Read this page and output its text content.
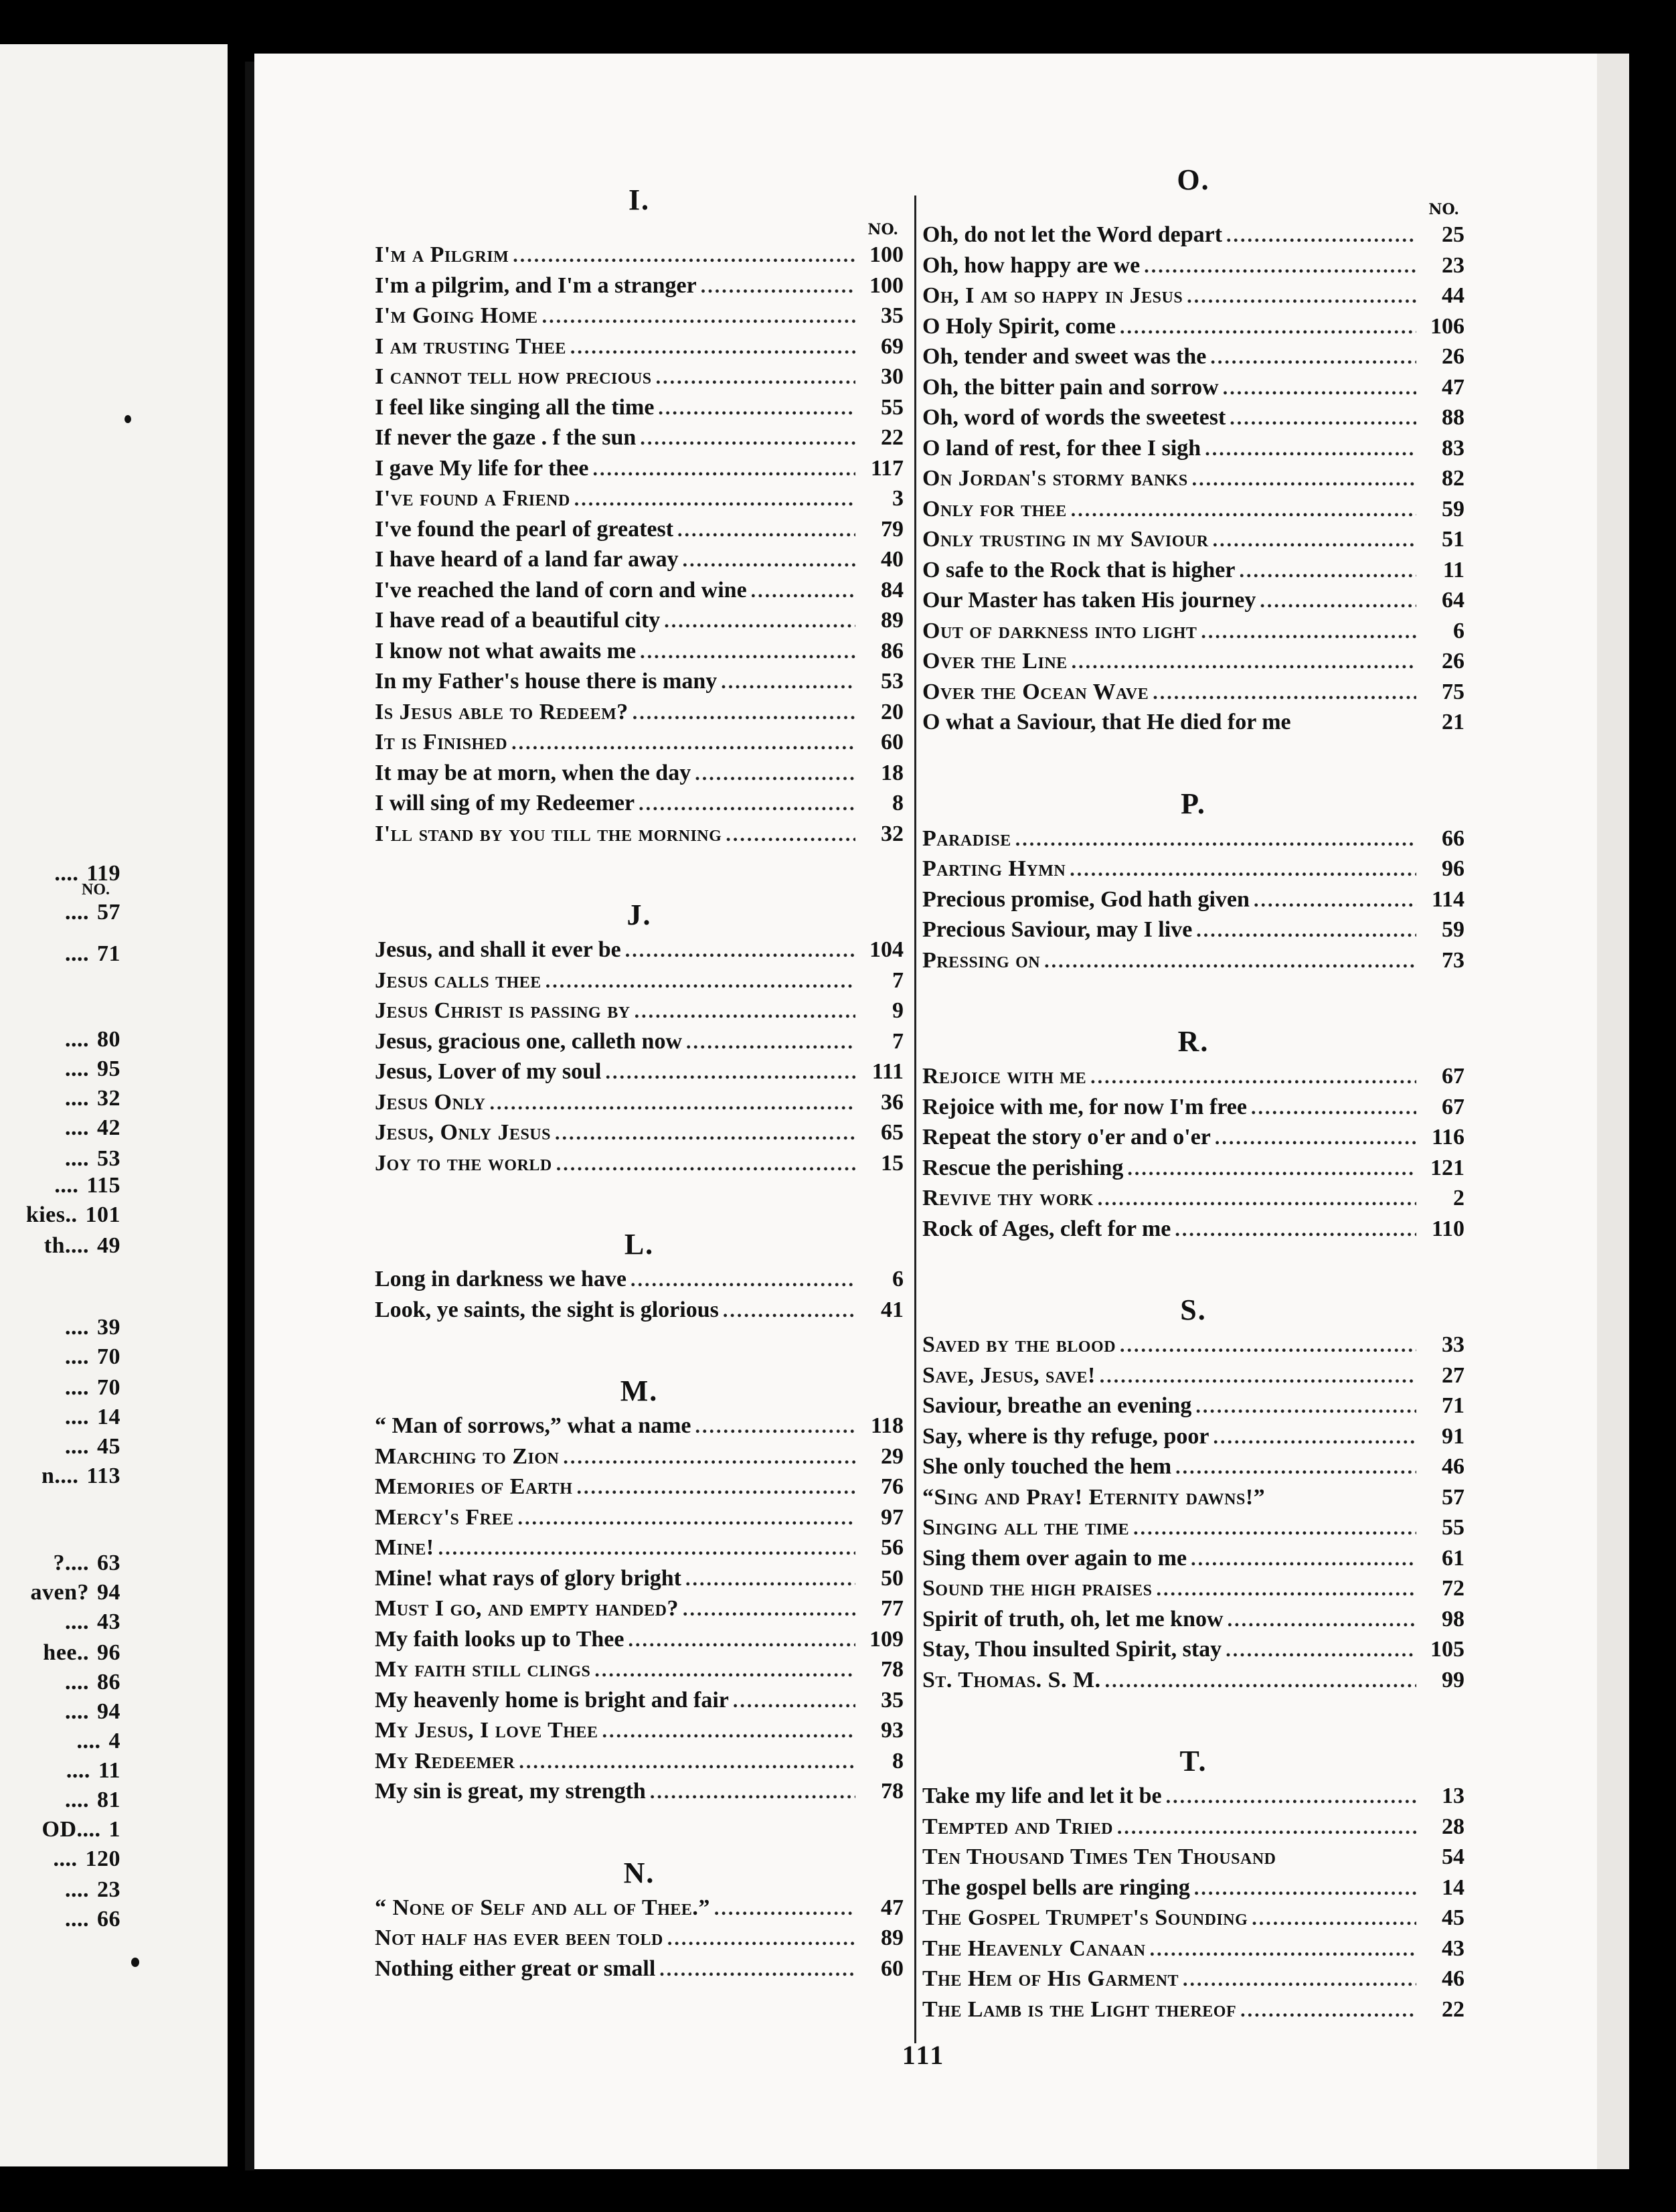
NO.
.... 119
.... 57
.... 71
.... 80
.... 95
.... 32
.... 42
.... 53
.... 115
kies.. 101
th.... 49
.... 39
.... 70
.... 70
.... 14
.... 45
n.... 113
?.... 63
aven? 94
.... 43
hee.. 96
.... 86
.... 94
.... 4
.... 11
.... 81
OD.... 1
.... 120
.... 23
.... 66
I.
NO.
I'm a Pilgrim .....	100
I'm a pilgrim, and I'm a stranger .....	100
I'm Going Home .....	35
I am trusting Thee .....	69
I cannot tell how precious .....	30
I feel like singing all the time .....	55
If never the gaze . f the sun .....	22
I gave My life for thee .....	117
I've found a Friend .....	3
I've found the pearl of greatest .....	79
I have heard of a land far away .....	40
I've reached the land of corn and wine .....	84
I have read of a beautiful city .....	89
I know not what awaits me .....	86
In my Father's house there is many .....	53
Is Jesus able to Redeem? .....	20
It is Finished .....	60
It may be at morn, when the day .....	18
I will sing of my Redeemer .....	8
I'll stand by you till the morning .....	32
J.
Jesus, and shall it ever be .....	104
Jesus calls thee .....	7
Jesus Christ is passing by .....	9
Jesus, gracious one, calleth now .....	7
Jesus, Lover of my soul .....	111
Jesus Only .....	36
Jesus, Only Jesus .....	65
Joy to the world .....	15
L.
Long in darkness we have .....	6
Look, ye saints, the sight is glorious .....	41
M.
“ Man of sorrows,” what a name .....	118
Marching to Zion .....	29
Memories of Earth .....	76
Mercy's Free .....	97
Mine! .....	56
Mine! what rays of glory bright .....	50
Must I go, and empty handed? .....	77
My faith looks up to Thee .....	109
My faith still clings .....	78
My heavenly home is bright and fair .....	35
My Jesus, I love Thee .....	93
My Redeemer .....	8
My sin is great, my strength .....	78
N.
“ None of Self and all of Thee.” .....	47
Not half has ever been told .....	89
Nothing either great or small .....	60
O.
NO.
Oh, do not let the Word depart .....	25
Oh, how happy are we .....	23
Oh, I am so happy in Jesus .....	44
O Holy Spirit, come .....	106
Oh, tender and sweet was the .....	26
Oh, the bitter pain and sorrow .....	47
Oh, word of words the sweetest .....	88
O land of rest, for thee I sigh .....	83
On Jordan's stormy banks .....	82
Only for thee .....	59
Only trusting in my Saviour .....	51
O safe to the Rock that is higher .....	11
Our Master has taken His journey .....	64
Out of darkness into light .....	6
Over the Line .....	26
Over the Ocean Wave .....	75
O what a Saviour, that He died for me	21
P.
Paradise .....	66
Parting Hymn .....	96
Precious promise, God hath given .....	114
Precious Saviour, may I live .....	59
Pressing on .....	73
R.
Rejoice with me .....	67
Rejoice with me, for now I'm free .....	67
Repeat the story o'er and o'er .....	116
Rescue the perishing .....	121
Revive thy work .....	2
Rock of Ages, cleft for me .....	110
S.
Saved by the blood .....	33
Save, Jesus, save! .....	27
Saviour, breathe an evening .....	71
Say, where is thy refuge, poor .....	91
She only touched the hem .....	46
“Sing and Pray! Eternity dawns!”	57
Singing all the time .....	55
Sing them over again to me .....	61
Sound the high praises .....	72
Spirit of truth, oh, let me know .....	98
Stay, Thou insulted Spirit, stay .....	105
St. Thomas. S. M. .....	99
T.
Take my life and let it be .....	13
Tempted and Tried .....	28
Ten Thousand Times Ten Thousand	54
The gospel bells are ringing .....	14
The Gospel Trumpet's Sounding .....	45
The Heavenly Canaan .....	43
The Hem of His Garment .....	46
The Lamb is the Light thereof .....	22
111
